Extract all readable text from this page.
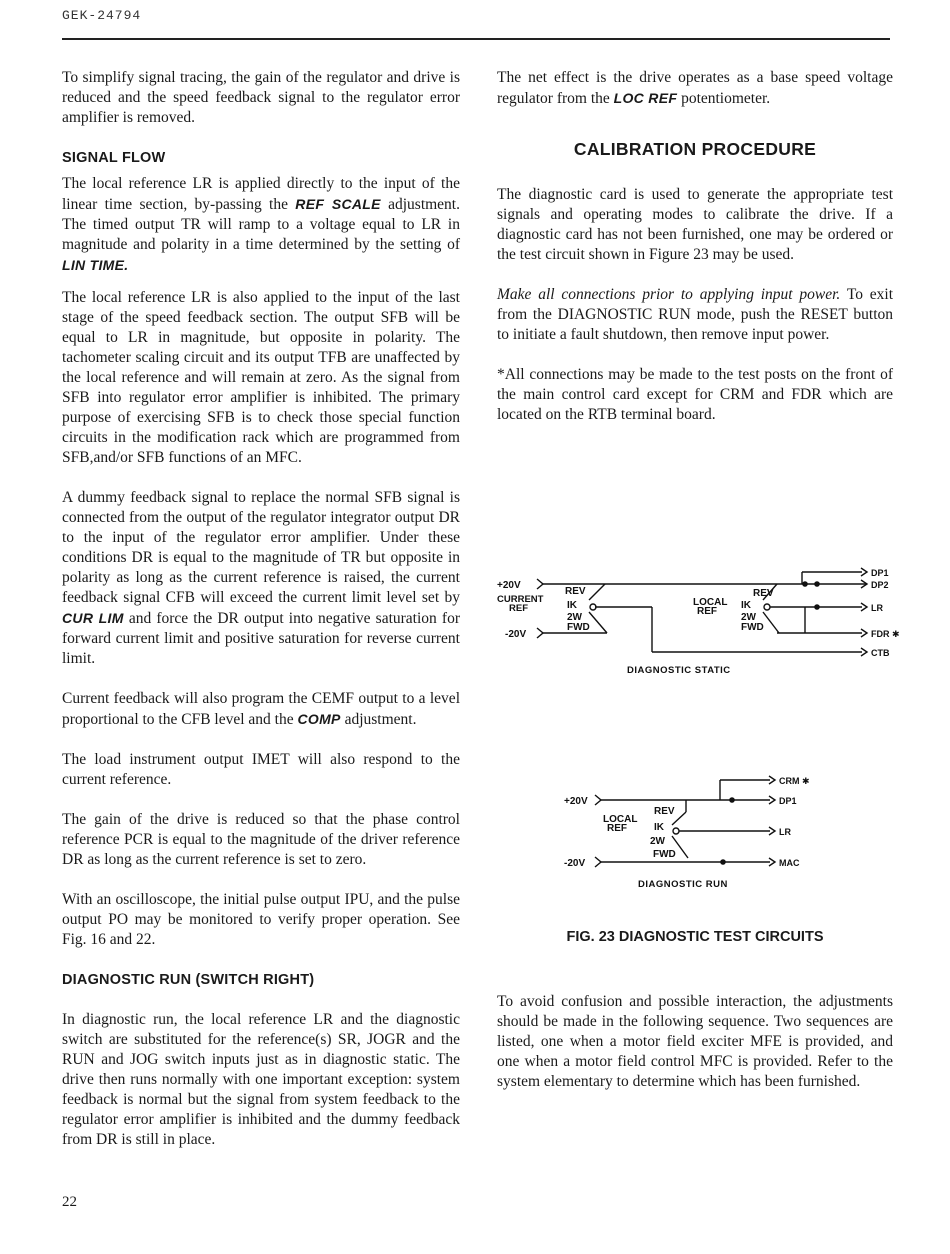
GEK-24794

To simplify signal tracing, the gain of the regulator and drive is reduced and the speed feedback signal to the regulator error amplifier is removed.

SIGNAL FLOW

The local reference LR is applied directly to the input of the linear time section, by-passing the REF SCALE adjustment. The timed output TR will ramp to a voltage equal to LR in magnitude and polarity in a time determined by the setting of LIN TIME.

The local reference LR is also applied to the input of the last stage of the speed feedback section. The output SFB will be equal to LR in magnitude, but opposite in polarity. The tachometer scaling circuit and its output TFB are unaffected by the local reference and will remain at zero. As the signal from SFB into regulator error amplifier is inhibited. The primary purpose of exercising SFB is to check those special function circuits in the modification rack which are programmed from SFB,and/or SFB functions of an MFC.

A dummy feedback signal to replace the normal SFB signal is connected from the output of the regulator integrator output DR to the input of the regulator error amplifier. Under these conditions DR is equal to the magnitude of TR but opposite in polarity as long as the current reference is raised, the current feedback signal CFB will exceed the current limit level set by CUR LIM and force the DR output into negative saturation for forward current limit and positive saturation for reverse current limit.

Current feedback will also program the CEMF output to a level proportional to the CFB level and the COMP adjustment.

The load instrument output IMET will also respond to the current reference.

The gain of the drive is reduced so that the phase control reference PCR is equal to the magnitude of the driver reference DR as long as the current reference is set to zero.

With an oscilloscope, the initial pulse output IPU, and the pulse output PO may be monitored to verify proper operation. See Fig. 16 and 22.

DIAGNOSTIC RUN (SWITCH RIGHT)

In diagnostic run, the local reference LR and the diagnostic switch are substituted for the reference(s) SR, JOGR and the RUN and JOG switch inputs just as in diagnostic static. The drive then runs normally with one important exception: system feedback is normal but the signal from system feedback to the regulator error amplifier is inhibited and the dummy feedback from DR is still in place.

The net effect is the drive operates as a base speed voltage regulator from the LOC REF potentiometer.

CALIBRATION PROCEDURE

The diagnostic card is used to generate the appropriate test signals and operating modes to calibrate the drive. If a diagnostic card has not been furnished, one may be ordered or the test circuit shown in Figure 23 may be used.

Make all connections prior to applying input power. To exit from the DIAGNOSTIC RUN mode, push the RESET button to initiate a fault shutdown, then remove input power.

*All connections may be made to the test posts on the front of the main control card except for CRM and FDR which are located on the RTB terminal board.

+20V
CURRENT
REF
-20V
REV
IK
2W
FWD
LOCAL
REF
REV
IK
2W
FWD
DP1
DP2
LR
FDR ✱
CTB
DIAGNOSTIC STATIC
+20V
-20V
LOCAL
REF
REV
IK
2W
FWD
CRM ✱
DP1
LR
MAC
DIAGNOSTIC RUN
FIG. 23 DIAGNOSTIC TEST CIRCUITS

To avoid confusion and possible interaction, the adjustments should be made in the following sequence. Two sequences are listed, one when a motor field exciter MFE is provided, and one when a motor field control MFC is provided. Refer to the system elementary to determine which has been furnished.

22
